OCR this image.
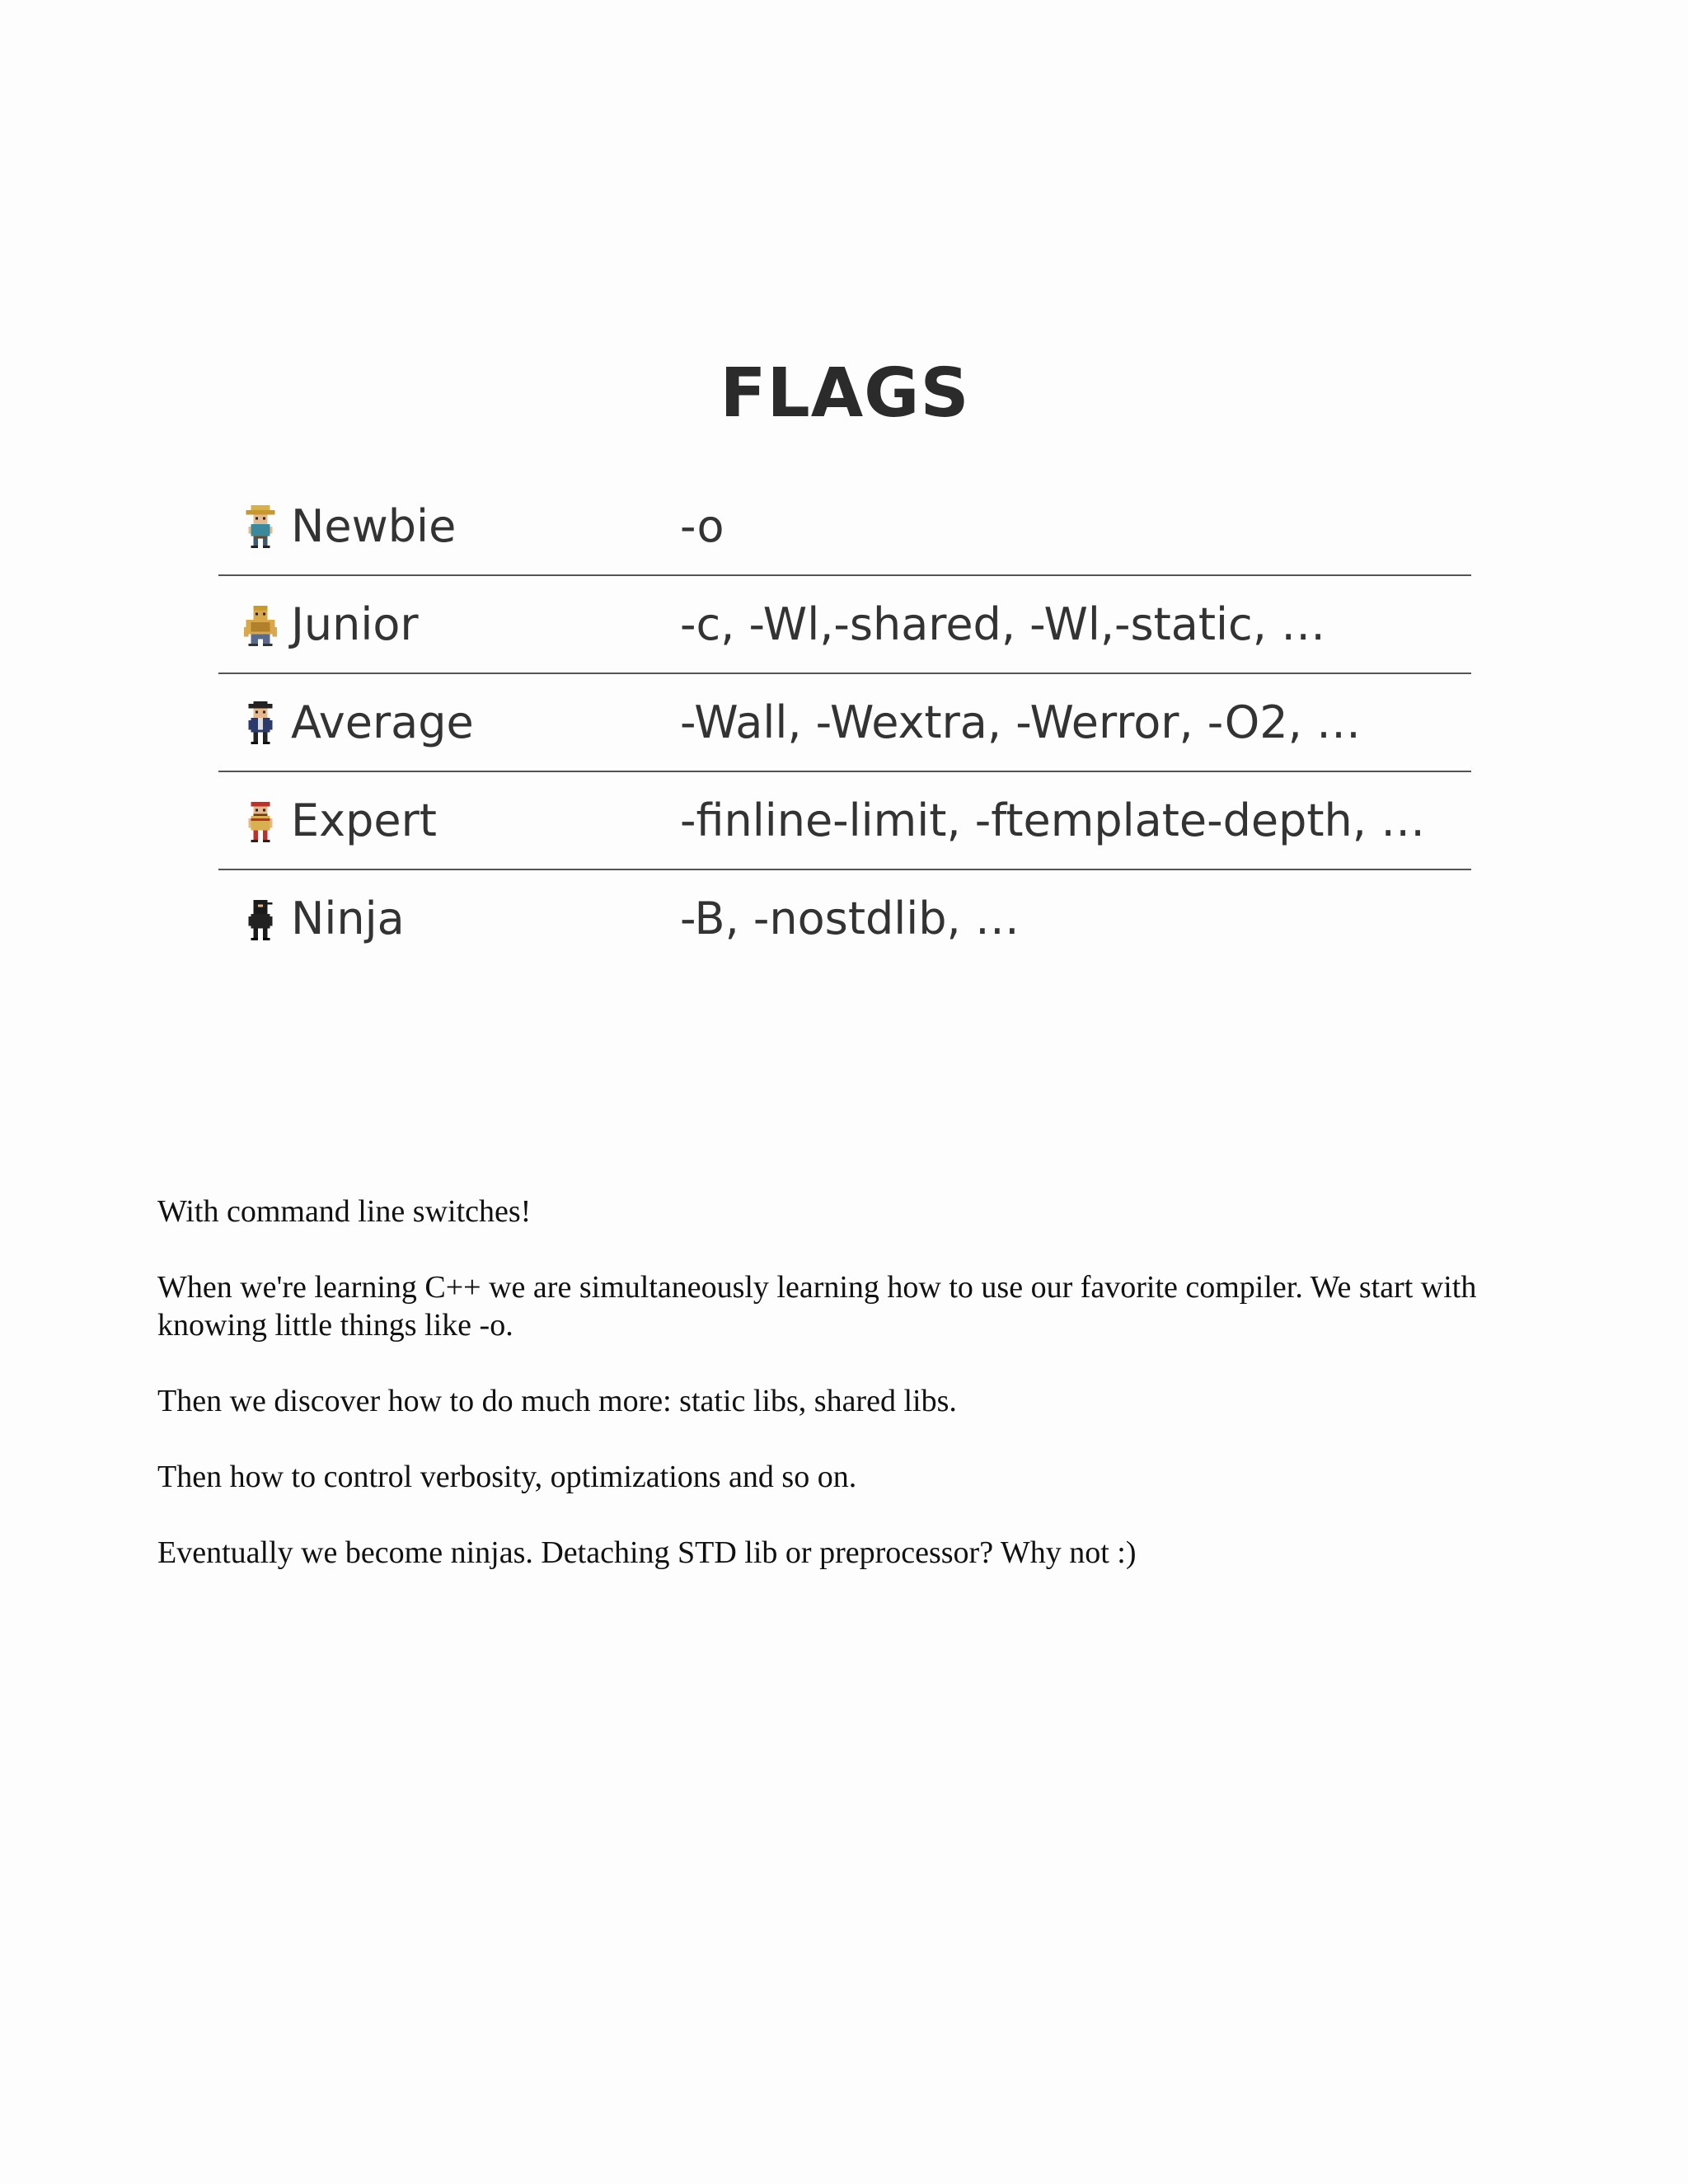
FLAGS
Newbie	-o
Junior	-c, -Wl,-shared, -Wl,-static, …
Average	-Wall, -Wextra, -Werror, -O2, …
Expert	-finline-limit, -ftemplate-depth, …
Ninja	-B, -nostdlib, …

With command line switches!

When we're learning C++ we are simultaneously learning how to use our favorite compiler. We start with knowing little things like -o.

Then we discover how to do much more: static libs, shared libs.

Then how to control verbosity, optimizations and so on.

Eventually we become ninjas. Detaching STD lib or preprocessor? Why not :)
